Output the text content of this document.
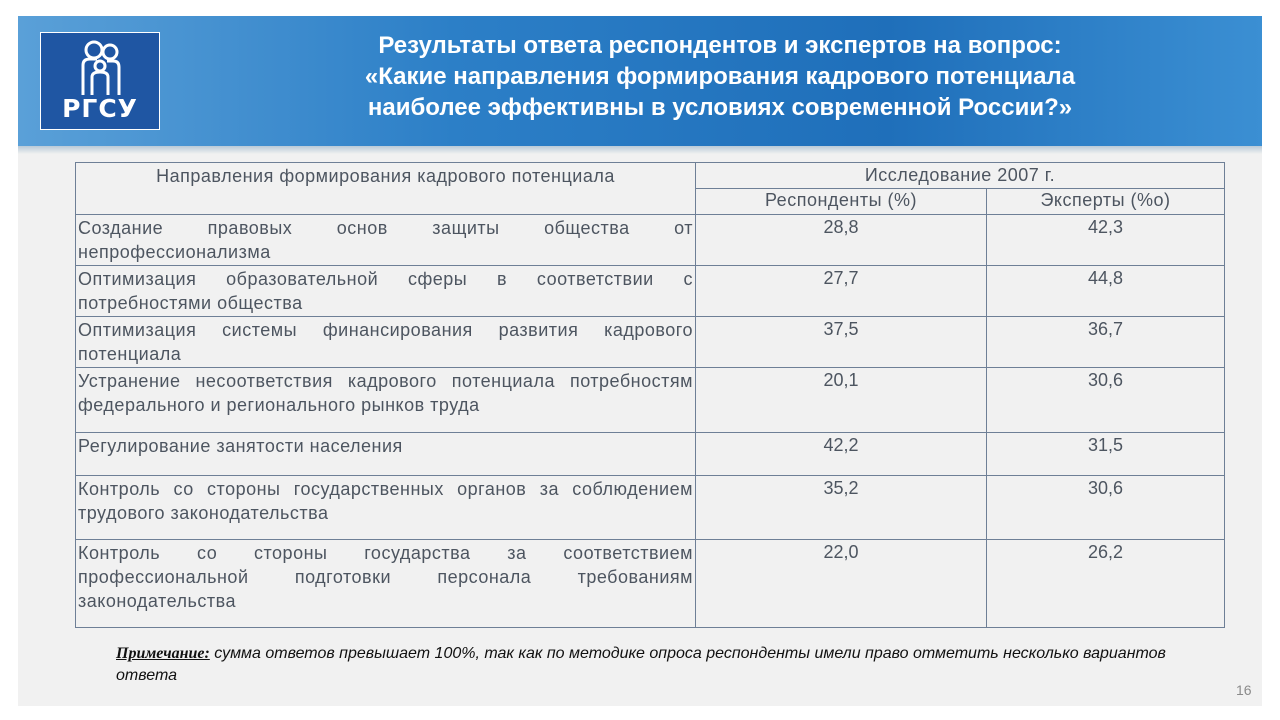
РГСУ
Результаты ответа респондентов и экспертов на вопрос:
«Какие направления формирования кадрового потенциала
наиболее эффективны в условиях современной России?»
Направления формирования кадрового потенциала	Исследование 2007 г.	
	Респонденты (%)	Эксперты (%о)
Создание правовых основ защиты общества от непрофессионализма	28,8	42,3
Оптимизация образовательной сферы в соответствии с потребностями общества	27,7	44,8
Оптимизация системы финансирования развития кадрового потенциала	37,5	36,7
Устранение несоответствия кадрового потенциала потребностям федерального и регионального рынков труда	20,1	30,6
Регулирование занятости населения	42,2	31,5
Контроль со стороны государственных органов за соблюдением трудового законодательства	35,2	30,6
Контроль со стороны государства за соответствием профессиональной подготовки персонала требованиям законодательства	22,0	26,2
Примечание: сумма ответов превышает 100%, так как по методике опроса респонденты имели право отметить несколько вариантов ответа
16
